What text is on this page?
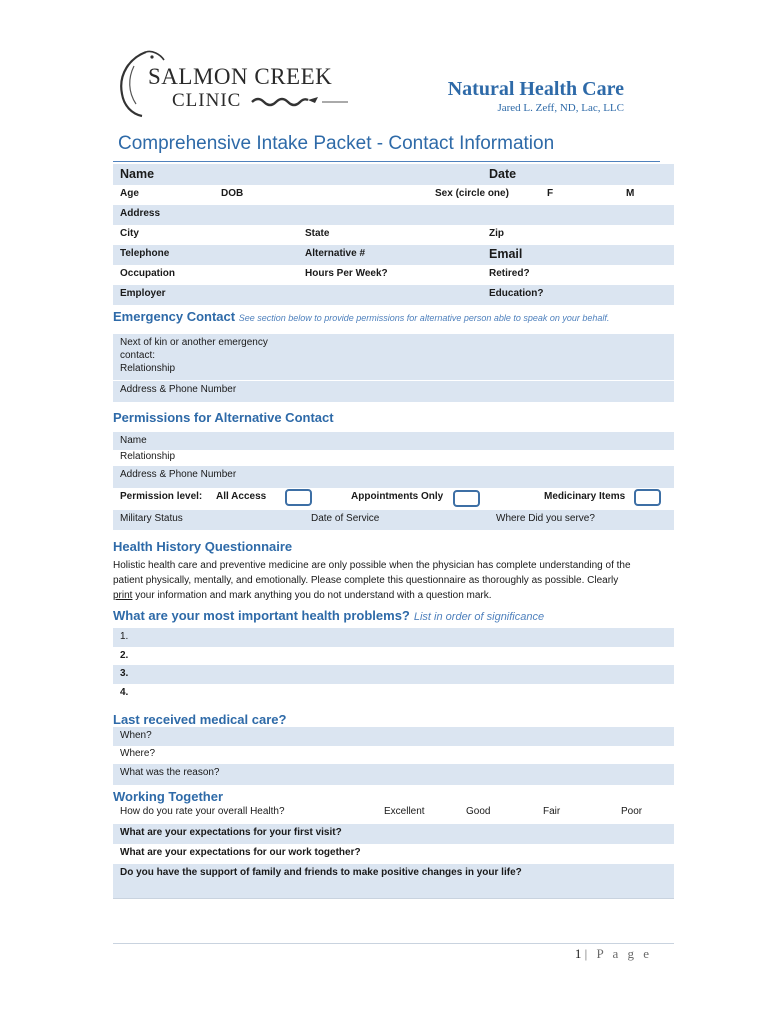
SALMON CREEK
CLINIC
Natural Health Care
Jared L. Zeff, ND, Lac, LLC
Comprehensive Intake Packet - Contact Information
Name	Date
Age	DOB	Sex (circle one)	F	M
Address
City	State	Zip
Telephone	Alternative #	Email
Occupation	Hours Per Week?	Retired?
Employer	Education?
Emergency Contact See section below to provide permissions for alternative person able to speak on your behalf.
Next of kin or another emergency
contact:
Relationship
Address & Phone Number
Permissions for Alternative Contact
Name
Relationship
Address & Phone Number
Permission level: All Access	Appointments Only	Medicinary Items
Military Status	Date of Service	Where Did you serve?
Health History Questionnaire
Holistic health care and preventive medicine are only possible when the physician has complete understanding of the
patient physically, mentally, and emotionally. Please complete this questionnaire as thoroughly as possible. Clearly
print your information and mark anything you do not understand with a question mark.
What are your most important health problems? List in order of significance
1.
2.
3.
4.
Last received medical care?
When?
Where?
What was the reason?
Working Together
How do you rate your overall Health?	Excellent	Good	Fair	Poor
What are your expectations for your first visit?
What are your expectations for our work together?
Do you have the support of family and friends to make positive changes in your life?
1 | P a g e
